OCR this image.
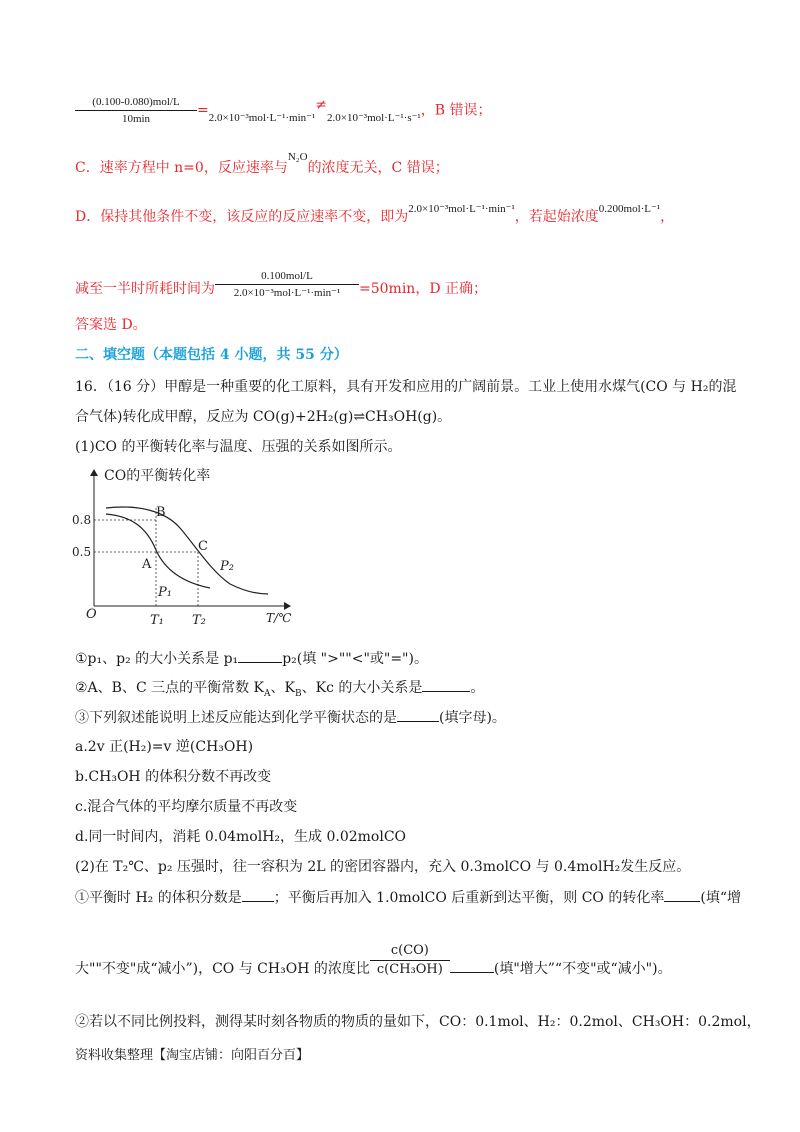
$\frac{\text{(0.100-0.080)mol/L}}{10\min} =_{2.0\times 10^{-3}mol\cdot L^{-1}\cdot min^{-1}}\ne_{2.0\times 10^{-3}mol\cdot L^{-1}\cdot s^{-1}}$，B 错误；
C．速率方程中 n=0，反应速率与$^{N_2O}$的浓度无关，C 错误；
D．保持其他条件不变，该反应的反应速率不变，即为$^{2.0\times 10^{-3}mol\cdot L^{-1}\cdot min^{-1}}$，若起始浓度$^{0.200mol\cdot L^{-1}}$，
减至一半时所耗时间为 $\frac{\text{0.100mol/L}}{\text{2.0×10⁻³mol·L⁻¹·min⁻¹}} =50\min$，D 正确；
答案选 D。
二、填空题（本题包括 4 小题，共 55 分）
16．（16 分）甲醇是一种重要的化工原料，具有开发和应用的广阔前景。工业上使用水煤气(CO 与 H₂的混
合气体)转化成甲醇，反应为 CO(g)+2H₂(g)⇌CH₃OH(g)。
(1)CO 的平衡转化率与温度、压强的关系如图所示。
CO的平衡转化率
O	T/℃
0.8
0.5
B
C
A
P₁
P₂
T₁ T₂
①p₁、p₂ 的大小关系是 p₁	p₂(填 ">""<"或"=")。
②A、B、C 三点的平衡常数 $K_A$、$K_B$、Kc 的大小关系是	。
③下列叙述能说明上述反应能达到化学平衡状态的是	(填字母)。
a.2v 正(H₂)=v 逆(CH₃OH)
b.CH₃OH 的体积分数不再改变
c.混合气体的平均摩尔质量不再改变
d.同一时间内，消耗 0.04molH₂，生成 0.02molCO
(2)在 T₂℃、p₂ 压强时，往一容积为 2L 的密团容器内，充入 0.3molCO 与 0.4molH₂发生反应。
①平衡时 H₂ 的体积分数是 ；平衡后再加入 1.0molCO 后重新到达平衡，则 CO 的转化率	(填“增
大""不变"成“减小”)，CO 与 CH₃OH 的浓度比 $\frac{c(CO)}{\text{c(CH₃OH)}}$	(填"增大”“不变"或“减小")。
②若以不同比例投料，测得某时刻各物质的物质的量如下，CO：0.1mol、H₂：0.2mol、CH₃OH：0.2mol，
资料收集整理【淘宝店铺：向阳百分百】
